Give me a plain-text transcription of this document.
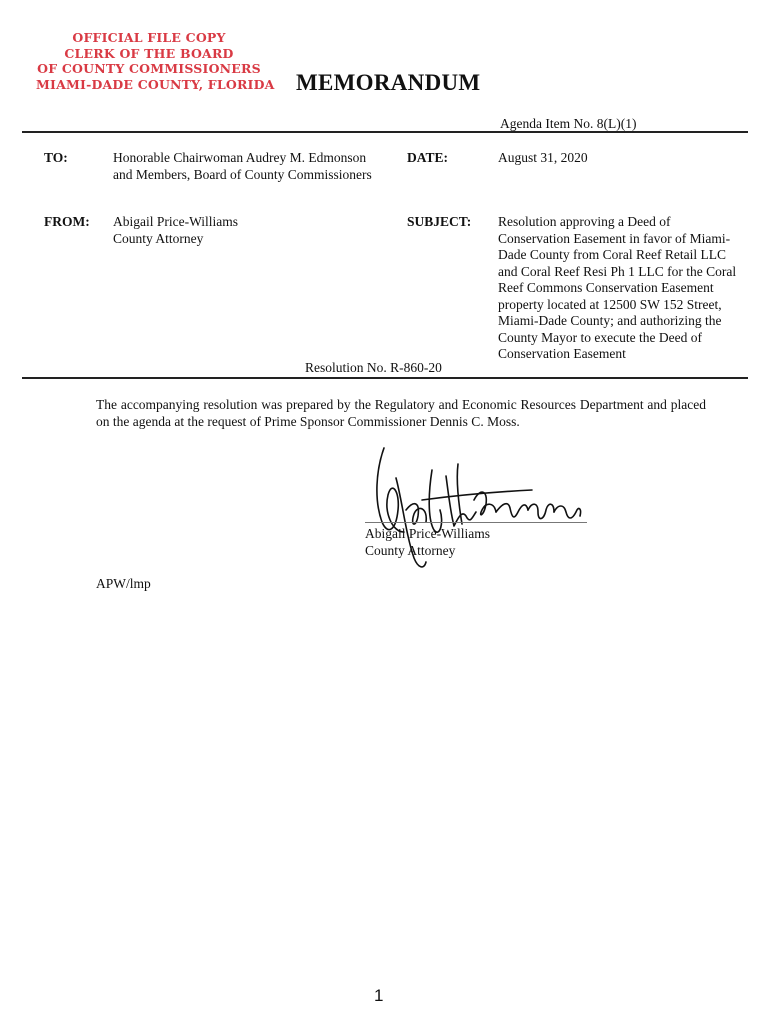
OFFICIAL FILE COPY
CLERK OF THE BOARD
OF COUNTY COMMISSIONERS
MIAMI-DADE COUNTY, FLORIDA MEMORANDUM
Agenda Item No. 8(L)(1)
TO:	Honorable Chairwoman Audrey M. Edmonson
and Members, Board of County Commissioners
DATE:	August 31, 2020
FROM: Abigail Price-Williams
County Attorney
SUBJECT: Resolution approving a Deed of
Conservation Easement in favor of Miami-
Dade County from Coral Reef Retail LLC
and Coral Reef Resi Ph 1 LLC for the Coral
Reef Commons Conservation Easement
property located at 12500 SW 152 Street,
Miami-Dade County; and authorizing the
County Mayor to execute the Deed of
Conservation Easement
Resolution No. R-860-20
The accompanying resolution was prepared by the Regulatory and Economic Resources Department and placed on the agenda at the request of Prime Sponsor Commissioner Dennis C. Moss.
Abigail Price-Williams
County Attorney
APW/lmp
1
